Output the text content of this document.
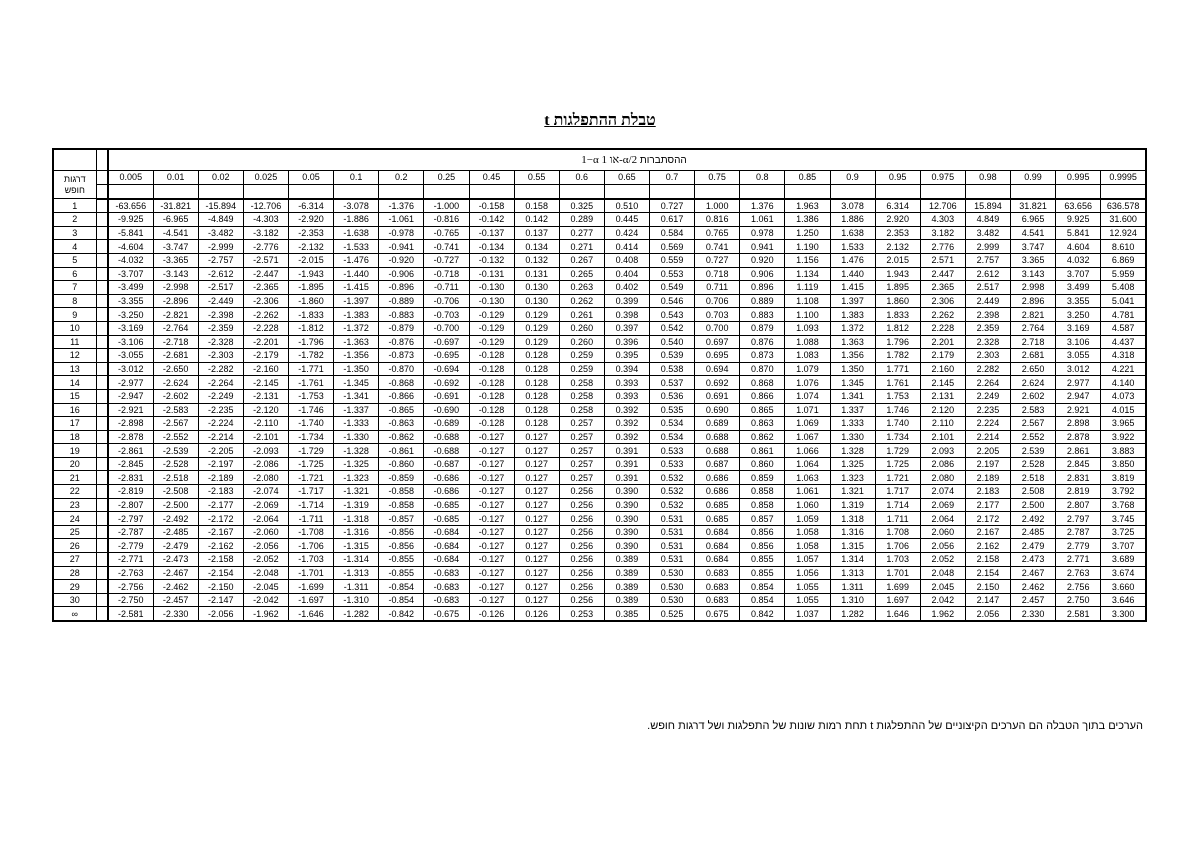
טבלת ההתפלגות t
		ההסתברות 1−α או 1-α/2																						
דרגות חופש		0.005	0.01	0.02	0.025	0.05	0.1	0.2	0.25	0.45	0.55	0.6	0.65	0.7	0.75	0.8	0.85	0.9	0.95	0.975	0.98	0.99	0.995	0.9995

1		-63.656	-31.821	-15.894	-12.706	-6.314	-3.078	-1.376	-1.000	-0.158	0.158	0.325	0.510	0.727	1.000	1.376	1.963	3.078	6.314	12.706	15.894	31.821	63.656	636.578
2		-9.925	-6.965	-4.849	-4.303	-2.920	-1.886	-1.061	-0.816	-0.142	0.142	0.289	0.445	0.617	0.816	1.061	1.386	1.886	2.920	4.303	4.849	6.965	9.925	31.600
3		-5.841	-4.541	-3.482	-3.182	-2.353	-1.638	-0.978	-0.765	-0.137	0.137	0.277	0.424	0.584	0.765	0.978	1.250	1.638	2.353	3.182	3.482	4.541	5.841	12.924
4		-4.604	-3.747	-2.999	-2.776	-2.132	-1.533	-0.941	-0.741	-0.134	0.134	0.271	0.414	0.569	0.741	0.941	1.190	1.533	2.132	2.776	2.999	3.747	4.604	8.610
5		-4.032	-3.365	-2.757	-2.571	-2.015	-1.476	-0.920	-0.727	-0.132	0.132	0.267	0.408	0.559	0.727	0.920	1.156	1.476	2.015	2.571	2.757	3.365	4.032	6.869
6		-3.707	-3.143	-2.612	-2.447	-1.943	-1.440	-0.906	-0.718	-0.131	0.131	0.265	0.404	0.553	0.718	0.906	1.134	1.440	1.943	2.447	2.612	3.143	3.707	5.959
7		-3.499	-2.998	-2.517	-2.365	-1.895	-1.415	-0.896	-0.711	-0.130	0.130	0.263	0.402	0.549	0.711	0.896	1.119	1.415	1.895	2.365	2.517	2.998	3.499	5.408
8		-3.355	-2.896	-2.449	-2.306	-1.860	-1.397	-0.889	-0.706	-0.130	0.130	0.262	0.399	0.546	0.706	0.889	1.108	1.397	1.860	2.306	2.449	2.896	3.355	5.041
9		-3.250	-2.821	-2.398	-2.262	-1.833	-1.383	-0.883	-0.703	-0.129	0.129	0.261	0.398	0.543	0.703	0.883	1.100	1.383	1.833	2.262	2.398	2.821	3.250	4.781
10		-3.169	-2.764	-2.359	-2.228	-1.812	-1.372	-0.879	-0.700	-0.129	0.129	0.260	0.397	0.542	0.700	0.879	1.093	1.372	1.812	2.228	2.359	2.764	3.169	4.587
11		-3.106	-2.718	-2.328	-2.201	-1.796	-1.363	-0.876	-0.697	-0.129	0.129	0.260	0.396	0.540	0.697	0.876	1.088	1.363	1.796	2.201	2.328	2.718	3.106	4.437
12		-3.055	-2.681	-2.303	-2.179	-1.782	-1.356	-0.873	-0.695	-0.128	0.128	0.259	0.395	0.539	0.695	0.873	1.083	1.356	1.782	2.179	2.303	2.681	3.055	4.318
13		-3.012	-2.650	-2.282	-2.160	-1.771	-1.350	-0.870	-0.694	-0.128	0.128	0.259	0.394	0.538	0.694	0.870	1.079	1.350	1.771	2.160	2.282	2.650	3.012	4.221
14		-2.977	-2.624	-2.264	-2.145	-1.761	-1.345	-0.868	-0.692	-0.128	0.128	0.258	0.393	0.537	0.692	0.868	1.076	1.345	1.761	2.145	2.264	2.624	2.977	4.140
15		-2.947	-2.602	-2.249	-2.131	-1.753	-1.341	-0.866	-0.691	-0.128	0.128	0.258	0.393	0.536	0.691	0.866	1.074	1.341	1.753	2.131	2.249	2.602	2.947	4.073
16		-2.921	-2.583	-2.235	-2.120	-1.746	-1.337	-0.865	-0.690	-0.128	0.128	0.258	0.392	0.535	0.690	0.865	1.071	1.337	1.746	2.120	2.235	2.583	2.921	4.015
17		-2.898	-2.567	-2.224	-2.110	-1.740	-1.333	-0.863	-0.689	-0.128	0.128	0.257	0.392	0.534	0.689	0.863	1.069	1.333	1.740	2.110	2.224	2.567	2.898	3.965
18		-2.878	-2.552	-2.214	-2.101	-1.734	-1.330	-0.862	-0.688	-0.127	0.127	0.257	0.392	0.534	0.688	0.862	1.067	1.330	1.734	2.101	2.214	2.552	2.878	3.922
19		-2.861	-2.539	-2.205	-2.093	-1.729	-1.328	-0.861	-0.688	-0.127	0.127	0.257	0.391	0.533	0.688	0.861	1.066	1.328	1.729	2.093	2.205	2.539	2.861	3.883
20		-2.845	-2.528	-2.197	-2.086	-1.725	-1.325	-0.860	-0.687	-0.127	0.127	0.257	0.391	0.533	0.687	0.860	1.064	1.325	1.725	2.086	2.197	2.528	2.845	3.850
21		-2.831	-2.518	-2.189	-2.080	-1.721	-1.323	-0.859	-0.686	-0.127	0.127	0.257	0.391	0.532	0.686	0.859	1.063	1.323	1.721	2.080	2.189	2.518	2.831	3.819
22		-2.819	-2.508	-2.183	-2.074	-1.717	-1.321	-0.858	-0.686	-0.127	0.127	0.256	0.390	0.532	0.686	0.858	1.061	1.321	1.717	2.074	2.183	2.508	2.819	3.792
23		-2.807	-2.500	-2.177	-2.069	-1.714	-1.319	-0.858	-0.685	-0.127	0.127	0.256	0.390	0.532	0.685	0.858	1.060	1.319	1.714	2.069	2.177	2.500	2.807	3.768
24		-2.797	-2.492	-2.172	-2.064	-1.711	-1.318	-0.857	-0.685	-0.127	0.127	0.256	0.390	0.531	0.685	0.857	1.059	1.318	1.711	2.064	2.172	2.492	2.797	3.745
25		-2.787	-2.485	-2.167	-2.060	-1.708	-1.316	-0.856	-0.684	-0.127	0.127	0.256	0.390	0.531	0.684	0.856	1.058	1.316	1.708	2.060	2.167	2.485	2.787	3.725
26		-2.779	-2.479	-2.162	-2.056	-1.706	-1.315	-0.856	-0.684	-0.127	0.127	0.256	0.390	0.531	0.684	0.856	1.058	1.315	1.706	2.056	2.162	2.479	2.779	3.707
27		-2.771	-2.473	-2.158	-2.052	-1.703	-1.314	-0.855	-0.684	-0.127	0.127	0.256	0.389	0.531	0.684	0.855	1.057	1.314	1.703	2.052	2.158	2.473	2.771	3.689
28		-2.763	-2.467	-2.154	-2.048	-1.701	-1.313	-0.855	-0.683	-0.127	0.127	0.256	0.389	0.530	0.683	0.855	1.056	1.313	1.701	2.048	2.154	2.467	2.763	3.674
29		-2.756	-2.462	-2.150	-2.045	-1.699	-1.311	-0.854	-0.683	-0.127	0.127	0.256	0.389	0.530	0.683	0.854	1.055	1.311	1.699	2.045	2.150	2.462	2.756	3.660
30		-2.750	-2.457	-2.147	-2.042	-1.697	-1.310	-0.854	-0.683	-0.127	0.127	0.256	0.389	0.530	0.683	0.854	1.055	1.310	1.697	2.042	2.147	2.457	2.750	3.646
∞		-2.581	-2.330	-2.056	-1.962	-1.646	-1.282	-0.842	-0.675	-0.126	0.126	0.253	0.385	0.525	0.675	0.842	1.037	1.282	1.646	1.962	2.056	2.330	2.581	3.300
הערכים בתוך הטבלה הם הערכים הקיצוניים של ההתפלגות t תחת רמות שונות של התפלגות ושל דרגות חופש.
